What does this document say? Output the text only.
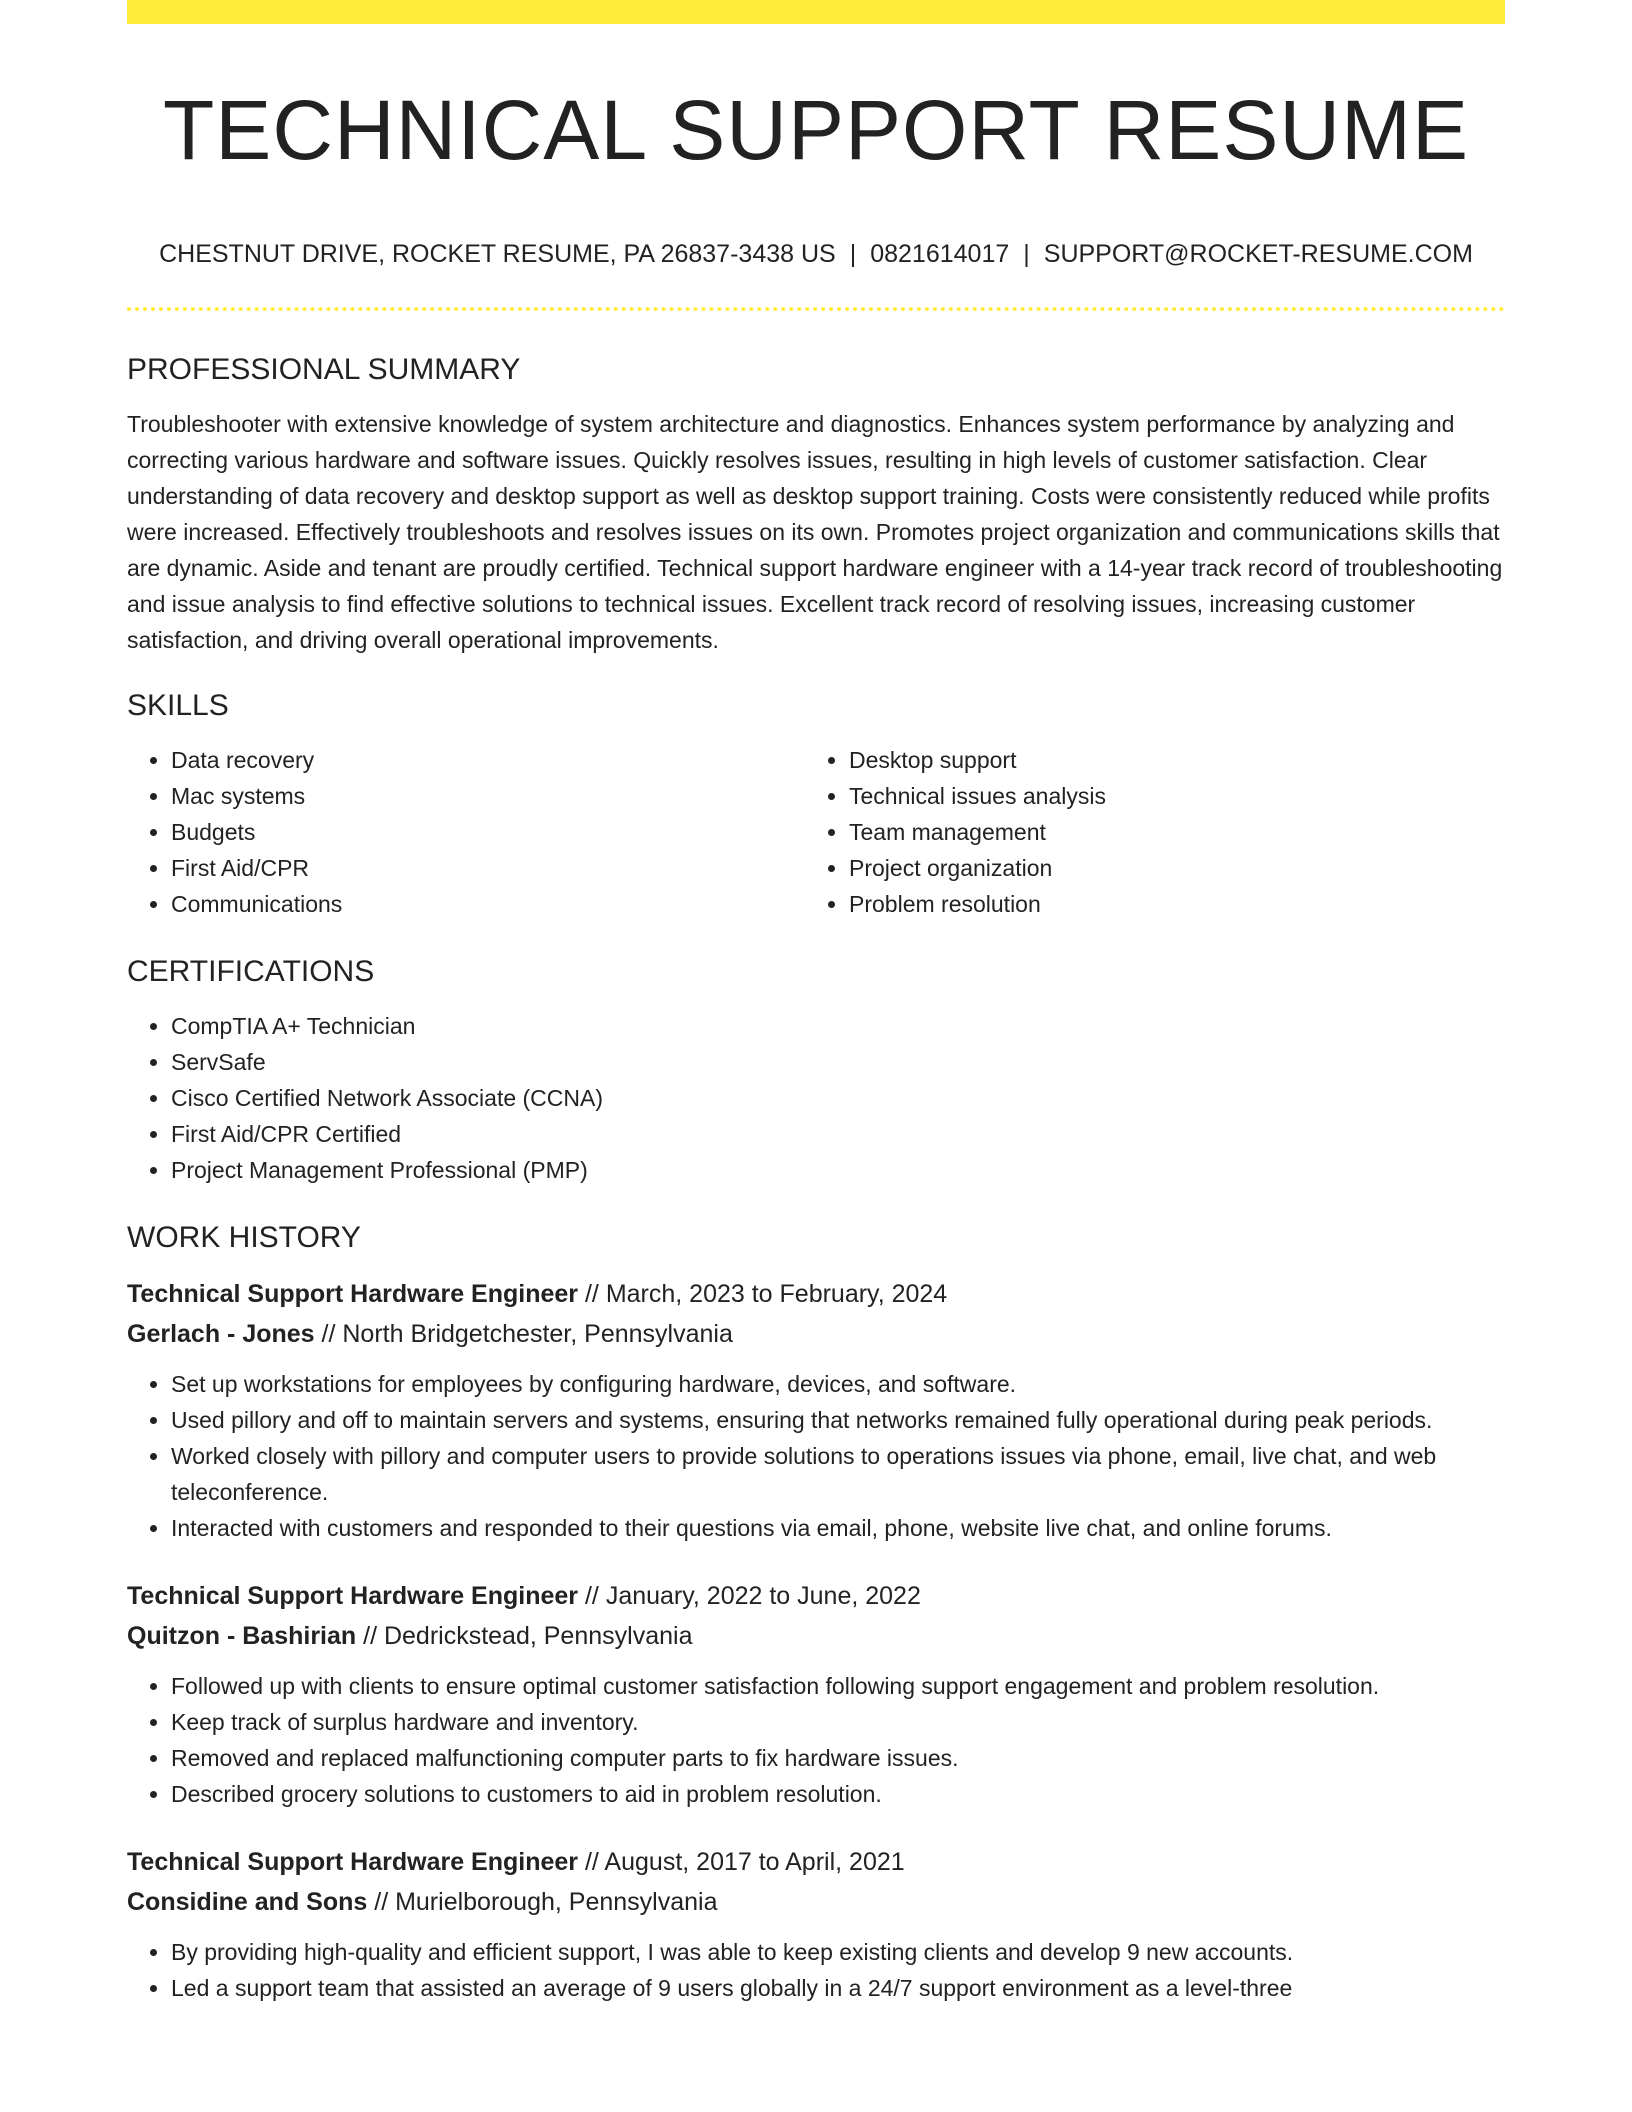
TECHNICAL SUPPORT RESUME
CHESTNUT DRIVE, ROCKET RESUME, PA 26837-3438 US | 0821614017 | SUPPORT@ROCKET-RESUME.COM
PROFESSIONAL SUMMARY

Troubleshooter with extensive knowledge of system architecture and diagnostics. Enhances system performance by analyzing and correcting various hardware and software issues. Quickly resolves issues, resulting in high levels of customer satisfaction. Clear understanding of data recovery and desktop support as well as desktop support training. Costs were consistently reduced while profits were increased. Effectively troubleshoots and resolves issues on its own. Promotes project organization and communications skills that are dynamic. Aside and tenant are proudly certified. Technical support hardware engineer with a 14-year track record of troubleshooting and issue analysis to find effective solutions to technical issues. Excellent track record of resolving issues, increasing customer satisfaction, and driving overall operational improvements.

SKILLS
• Data recovery
• Mac systems
• Budgets
• First Aid/CPR
• Communications
• Desktop support
• Technical issues analysis
• Team management
• Project organization
• Problem resolution
CERTIFICATIONS
• CompTIA A+ Technician
• ServSafe
• Cisco Certified Network Associate (CCNA)
• First Aid/CPR Certified
• Project Management Professional (PMP)
WORK HISTORY
Technical Support Hardware Engineer // March, 2023 to February, 2024
Gerlach - Jones // North Bridgetchester, Pennsylvania
• Set up workstations for employees by configuring hardware, devices, and software.
• Used pillory and off to maintain servers and systems, ensuring that networks remained fully operational during peak periods.
• Worked closely with pillory and computer users to provide solutions to operations issues via phone, email, live chat, and web teleconference.
• Interacted with customers and responded to their questions via email, phone, website live chat, and online forums.
Technical Support Hardware Engineer // January, 2022 to June, 2022
Quitzon - Bashirian // Dedrickstead, Pennsylvania
• Followed up with clients to ensure optimal customer satisfaction following support engagement and problem resolution.
• Keep track of surplus hardware and inventory.
• Removed and replaced malfunctioning computer parts to fix hardware issues.
• Described grocery solutions to customers to aid in problem resolution.
Technical Support Hardware Engineer // August, 2017 to April, 2021
Considine and Sons // Murielborough, Pennsylvania
• By providing high-quality and efficient support, I was able to keep existing clients and develop 9 new accounts.
• Led a support team that assisted an average of 9 users globally in a 24/7 support environment as a level-three
